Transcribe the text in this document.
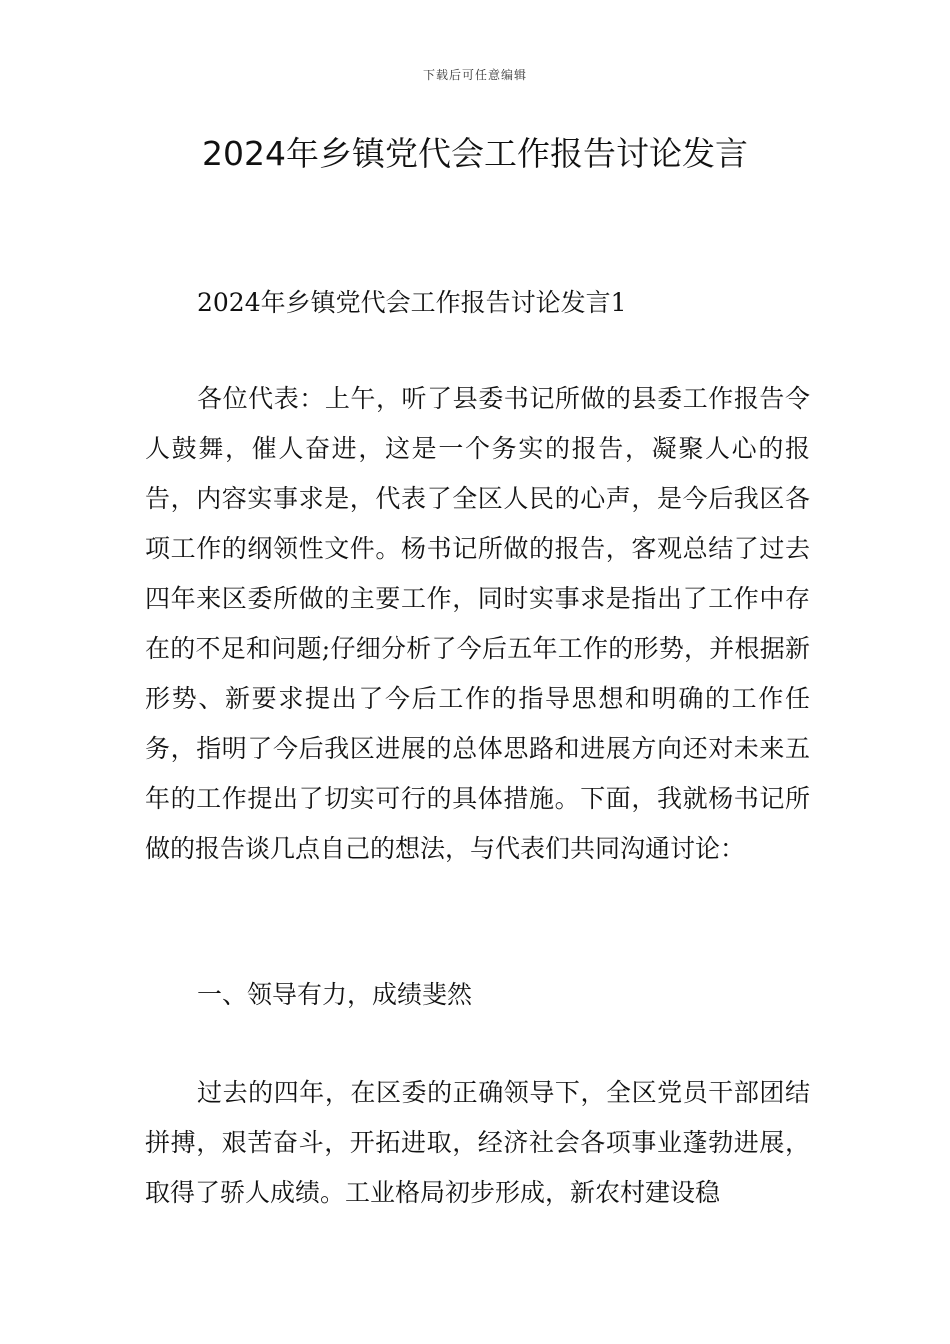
下载后可任意编辑
2024年乡镇党代会工作报告讨论发言

2024年乡镇党代会工作报告讨论发言1

各位代表：上午，听了县委书记所做的县委工作报告令人鼓舞，催人奋进，这是一个务实的报告，凝聚人心的报告，内容实事求是，代表了全区人民的心声，是今后我区各项工作的纲领性文件。杨书记所做的报告，客观总结了过去四年来区委所做的主要工作，同时实事求是指出了工作中存在的不足和问题;仔细分析了今后五年工作的形势，并根据新形势、新要求提出了今后工作的指导思想和明确的工作任务，指明了今后我区进展的总体思路和进展方向还对未来五年的工作提出了切实可行的具体措施。下面，我就杨书记所做的报告谈几点自己的想法，与代表们共同沟通讨论：

一、领导有力，成绩斐然

过去的四年，在区委的正确领导下，全区党员干部团结拼搏，艰苦奋斗，开拓进取，经济社会各项事业蓬勃进展，取得了骄人成绩。工业格局初步形成，新农村建设稳
